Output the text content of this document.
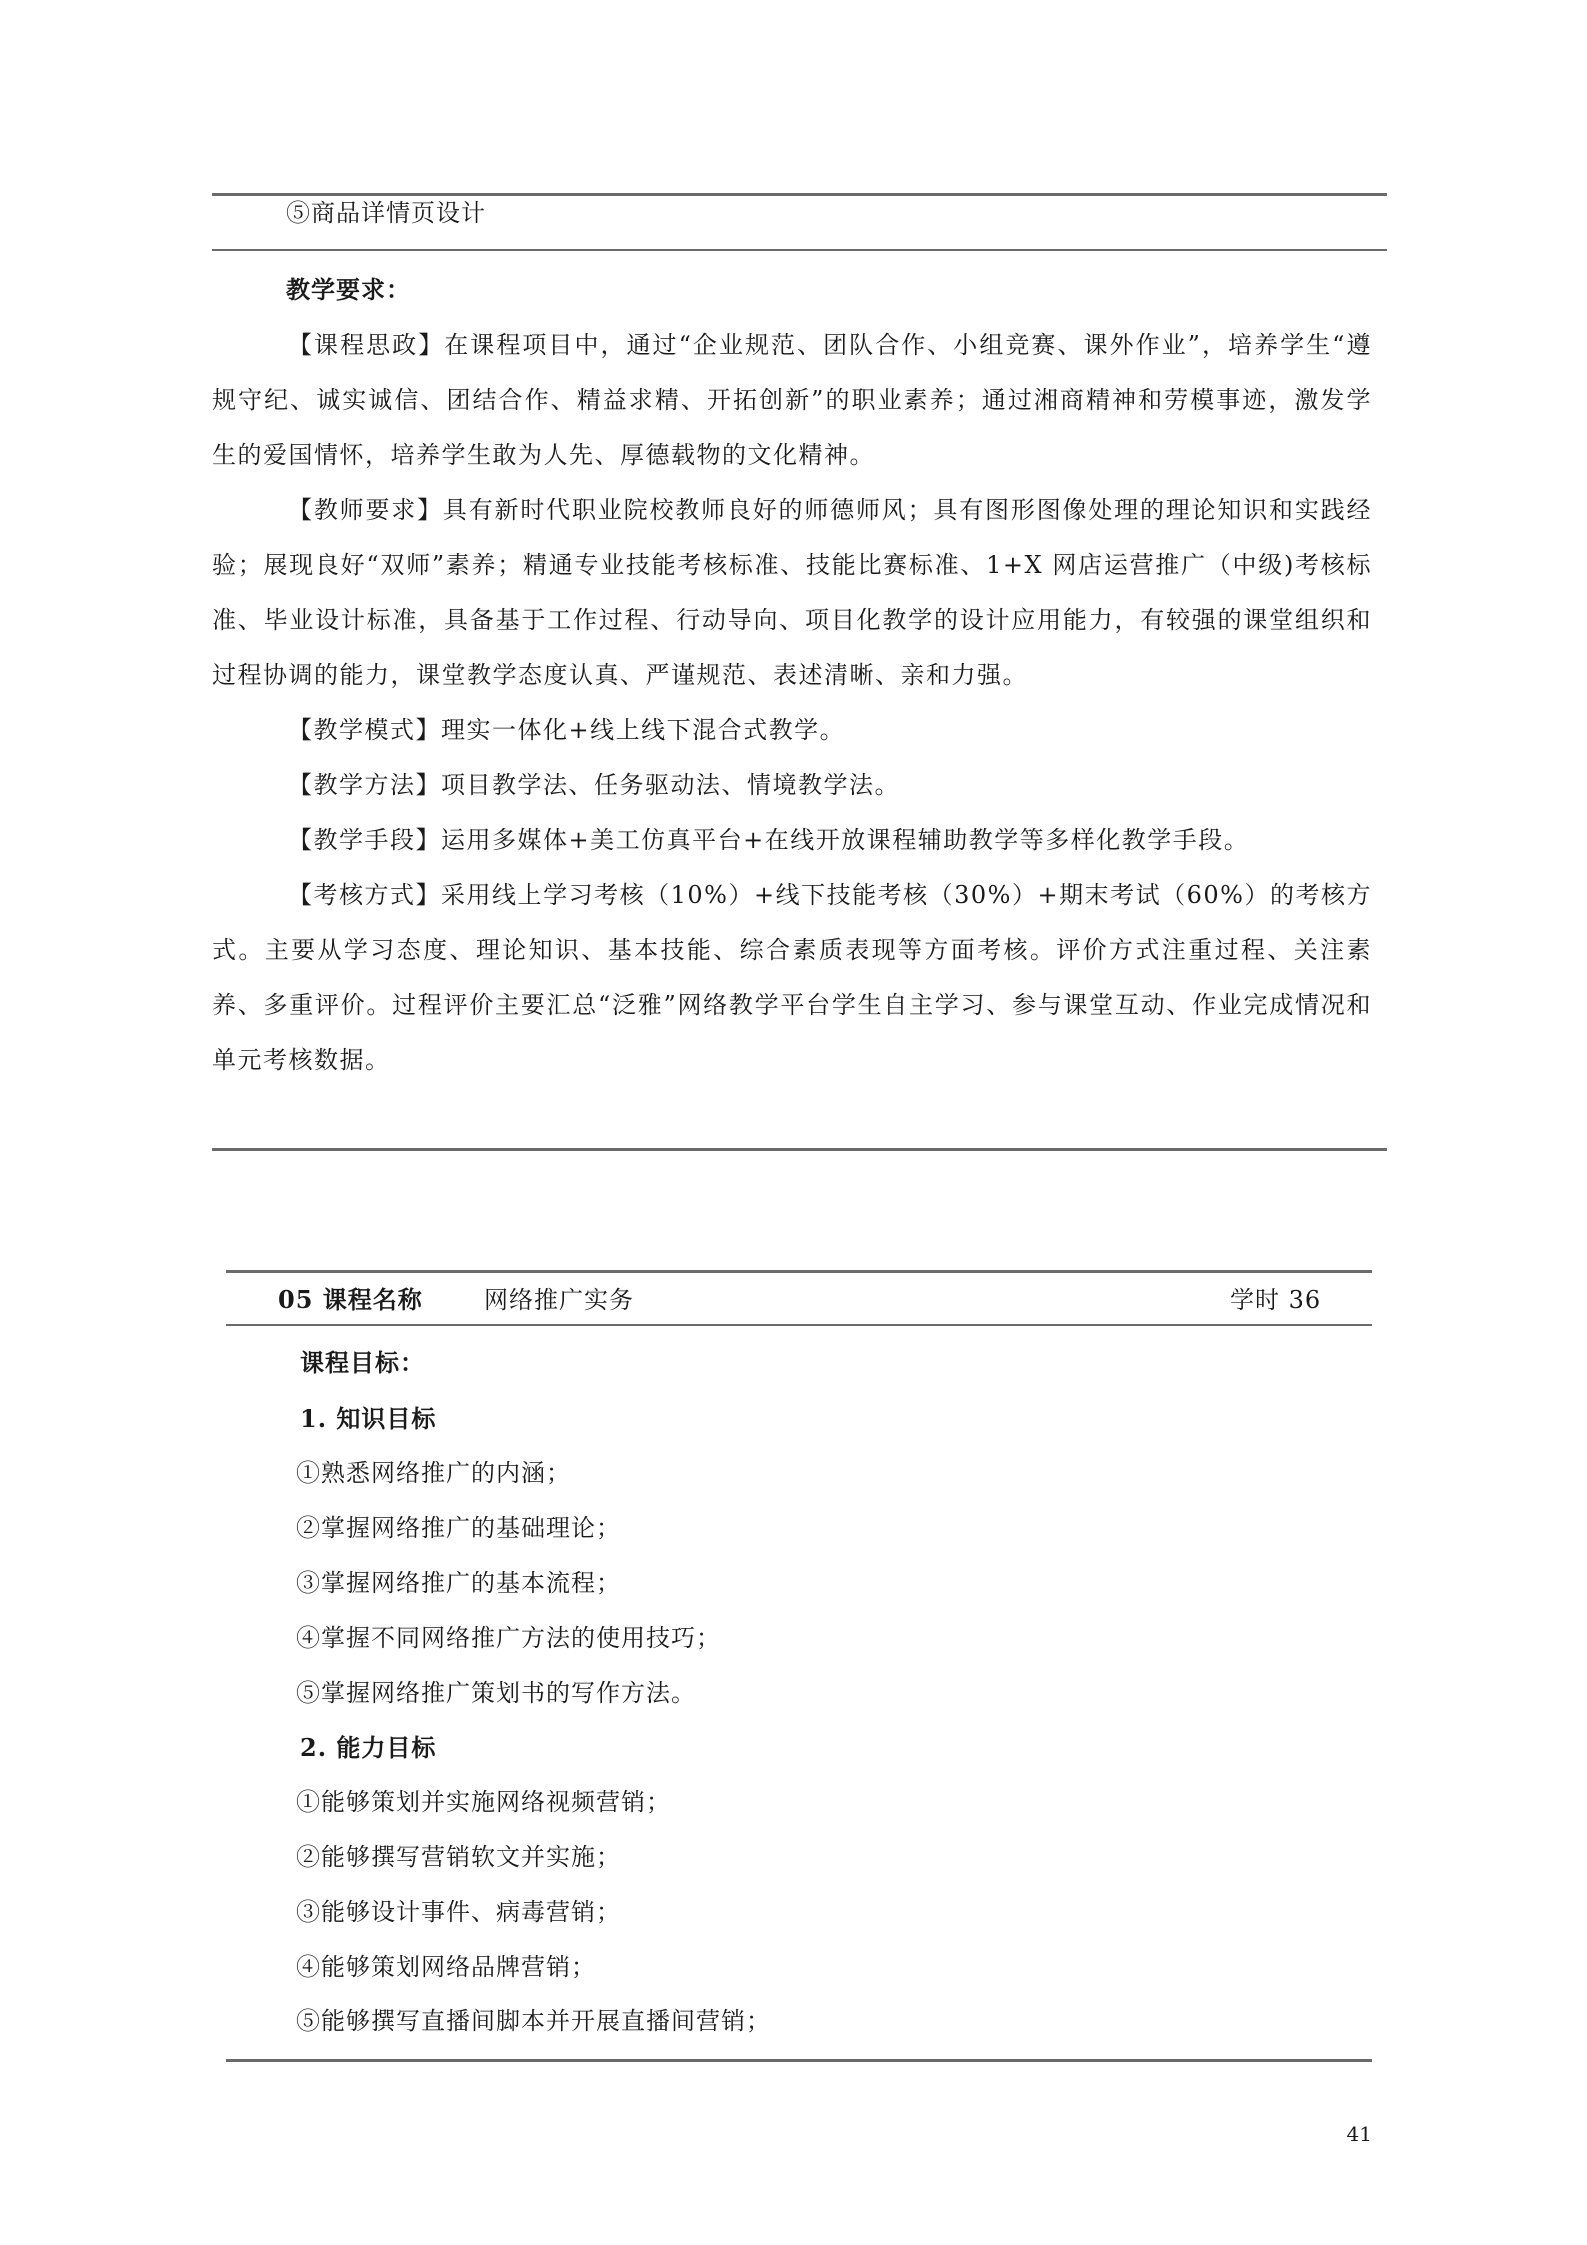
⑤商品详情页设计
教学要求：

【课程思政】在课程项目中，通过“企业规范、团队合作、小组竞赛、课外作业”，培养学生“遵规守纪、诚实诚信、团结合作、精益求精、开拓创新”的职业素养；通过湘商精神和劳模事迹，激发学生的爱国情怀，培养学生敢为人先、厚德载物的文化精神。

【教师要求】具有新时代职业院校教师良好的师德师风；具有图形图像处理的理论知识和实践经验；展现良好“双师”素养；精通专业技能考核标准、技能比赛标准、1+X 网店运营推广（中级)考核标准、毕业设计标准，具备基于工作过程、行动导向、项目化教学的设计应用能力，有较强的课堂组织和过程协调的能力，课堂教学态度认真、严谨规范、表述清晰、亲和力强。

【教学模式】理实一体化+线上线下混合式教学。

【教学方法】项目教学法、任务驱动法、情境教学法。

【教学手段】运用多媒体+美工仿真平台+在线开放课程辅助教学等多样化教学手段。

【考核方式】采用线上学习考核（10%）+线下技能考核（30%）+期末考试（60%）的考核方式。主要从学习态度、理论知识、基本技能、综合素质表现等方面考核。评价方式注重过程、关注素养、多重评价。过程评价主要汇总“泛雅”网络教学平台学生自主学习、参与课堂互动、作业完成情况和单元考核数据。

05 课程名称	网络推广实务	学时 36
课程目标：
1. 知识目标
①熟悉网络推广的内涵；
②掌握网络推广的基础理论；
③掌握网络推广的基本流程；
④掌握不同网络推广方法的使用技巧；
⑤掌握网络推广策划书的写作方法。
2. 能力目标
①能够策划并实施网络视频营销；
②能够撰写营销软文并实施；
③能够设计事件、病毒营销；
④能够策划网络品牌营销；
⑤能够撰写直播间脚本并开展直播间营销；
41
